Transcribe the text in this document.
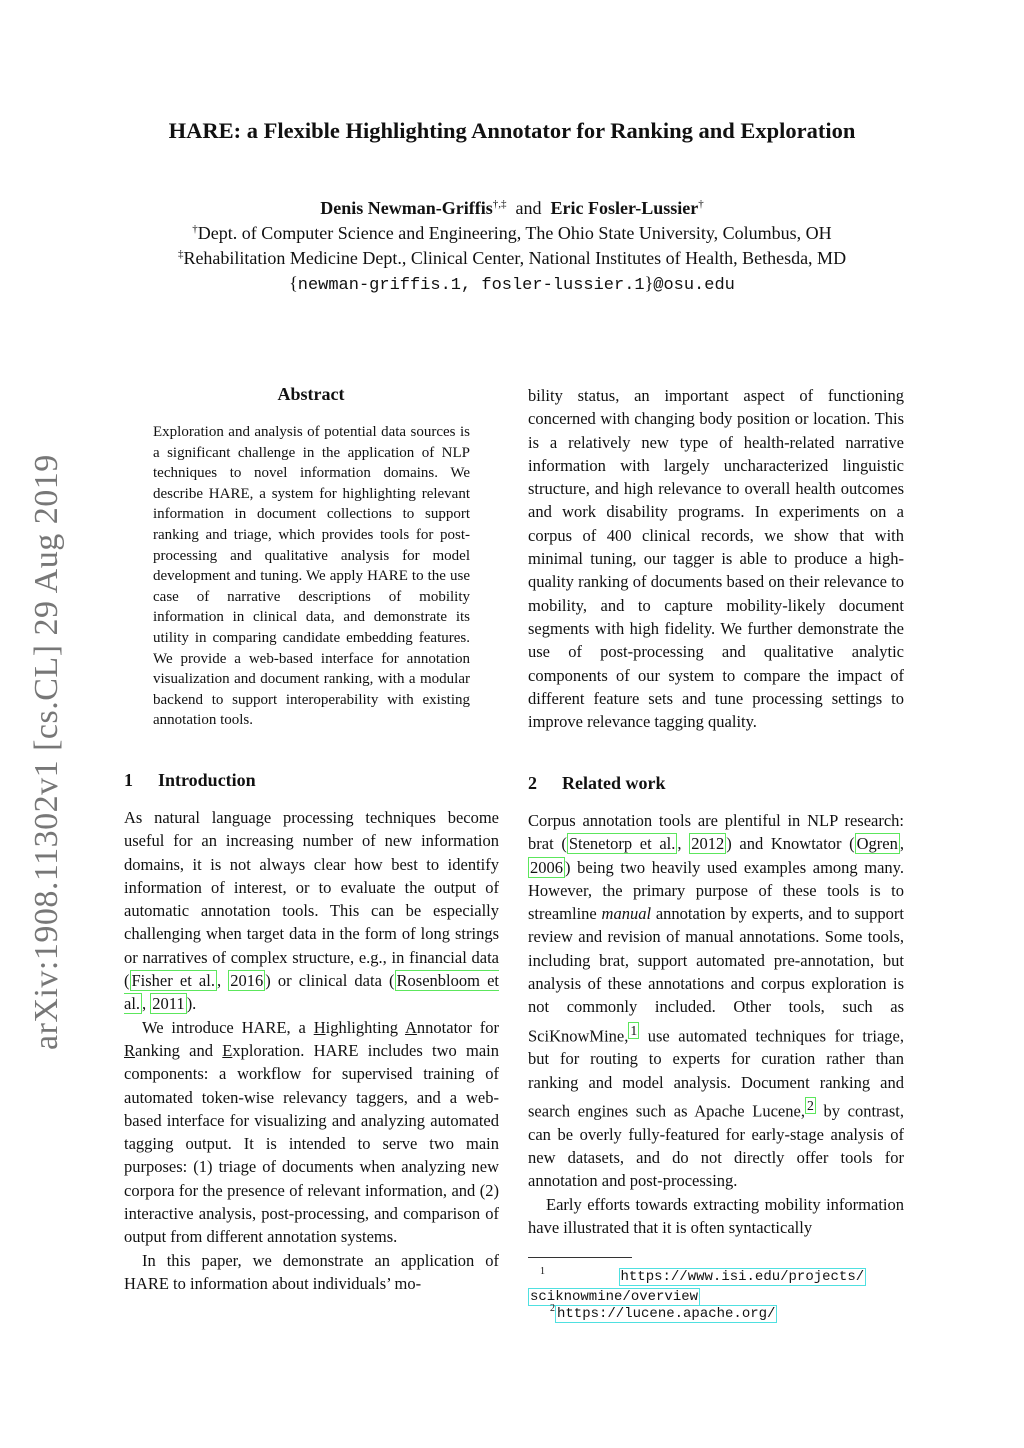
HARE: a Flexible Highlighting Annotator for Ranking and Exploration
Denis Newman-Griffis†,‡ and Eric Fosler-Lussier†
†Dept. of Computer Science and Engineering, The Ohio State University, Columbus, OH
‡Rehabilitation Medicine Dept., Clinical Center, National Institutes of Health, Bethesda, MD
{newman-griffis.1, fosler-lussier.1}@osu.edu
arXiv:1908.11302v1 [cs.CL] 29 Aug 2019
Abstract

Exploration and analysis of potential data sources is a significant challenge in the application of NLP techniques to novel information domains. We describe HARE, a system for highlighting relevant information in document collections to support ranking and triage, which provides tools for post-processing and qualitative analysis for model development and tuning. We apply HARE to the use case of narrative descriptions of mobility information in clinical data, and demonstrate its utility in comparing candidate embedding features. We provide a web-based interface for annotation visualization and document ranking, with a modular backend to support interoperability with existing annotation tools.

1 Introduction

As natural language processing techniques become useful for an increasing number of new information domains, it is not always clear how best to identify information of interest, or to evaluate the output of automatic annotation tools. This can be especially challenging when target data in the form of long strings or narratives of complex structure, e.g., in financial data ( Fisher et al. , 2016 ) or clinical data ( Rosenbloom et al. , 2011 ).

We introduce HARE, a Highlighting Annotator for Ranking and Exploration. HARE includes two main components: a workflow for supervised training of automated token-wise relevancy taggers, and a web-based interface for visualizing and analyzing automated tagging output. It is intended to serve two main purposes: (1) triage of documents when analyzing new corpora for the presence of relevant information, and (2) interactive analysis, post-processing, and comparison of output from different annotation systems.

In this paper, we demonstrate an application of HARE to information about individuals’ mo-

bility status, an important aspect of functioning concerned with changing body position or location. This is a relatively new type of health-related narrative information with largely uncharacterized linguistic structure, and high relevance to overall health outcomes and work disability programs. In experiments on a corpus of 400 clinical records, we show that with minimal tuning, our tagger is able to produce a high-quality ranking of documents based on their relevance to mobility, and to capture mobility-likely document segments with high fidelity. We further demonstrate the use of post-processing and qualitative analytic components of our system to compare the impact of different feature sets and tune processing settings to improve relevance tagging quality.

2 Related work

Corpus annotation tools are plentiful in NLP research: brat ( Stenetorp et al. , 2012 ) and Knowtator ( Ogren , 2006 ) being two heavily used examples among many. However, the primary purpose of these tools is to streamline manual annotation by experts, and to support review and revision of manual annotations. Some tools, including brat, support automated pre-annotation, but analysis of these annotations and corpus exploration is not commonly included. Other tools, such as SciKnowMine, $^1$ use automated techniques for triage, but for routing to experts for curation rather than ranking and model analysis. Document ranking and search engines such as Apache Lucene, $^2$ by contrast, can be overly fully-featured for early-stage analysis of new datasets, and do not directly offer tools for annotation and post-processing.

Early efforts towards extracting mobility information have illustrated that it is often syntactically

$^1$	https://www.isi.edu/projects/
sciknowmine/overview
$^2$ https://lucene.apache.org/
